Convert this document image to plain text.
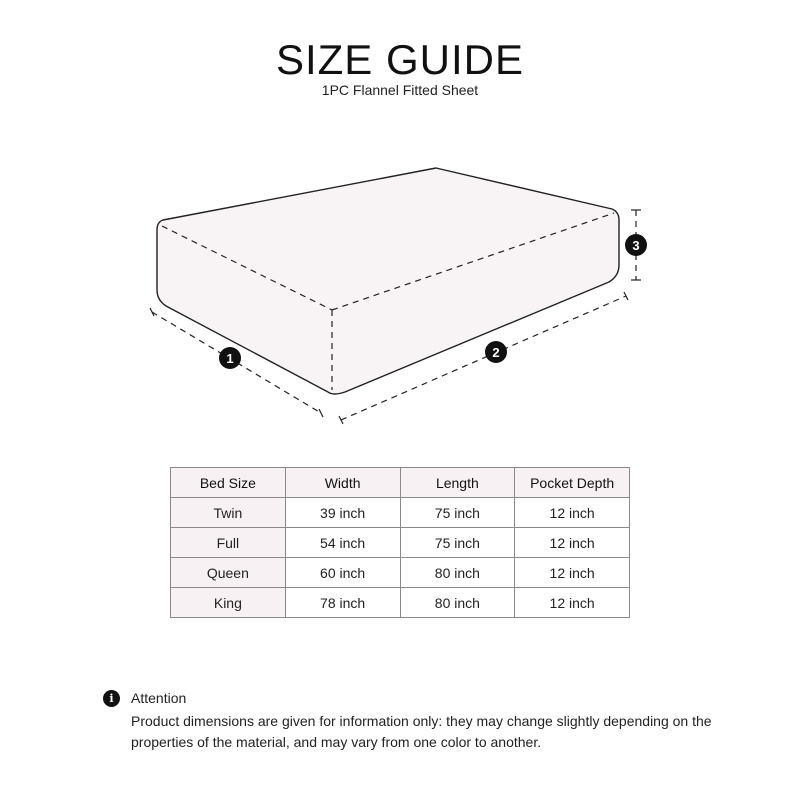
SIZE GUIDE
1PC Flannel Fitted Sheet
1	2
3
Bed Size	Width	Length	Pocket Depth
Twin	39 inch	75 inch	12 inch
Full	54 inch	75 inch	12 inch
Queen	60 inch	80 inch	12 inch
King	78 inch	80 inch	12 inch
i	Attention
Product dimensions are given for information only: they may change slightly depending on the properties of the material, and may vary from one color to another.
